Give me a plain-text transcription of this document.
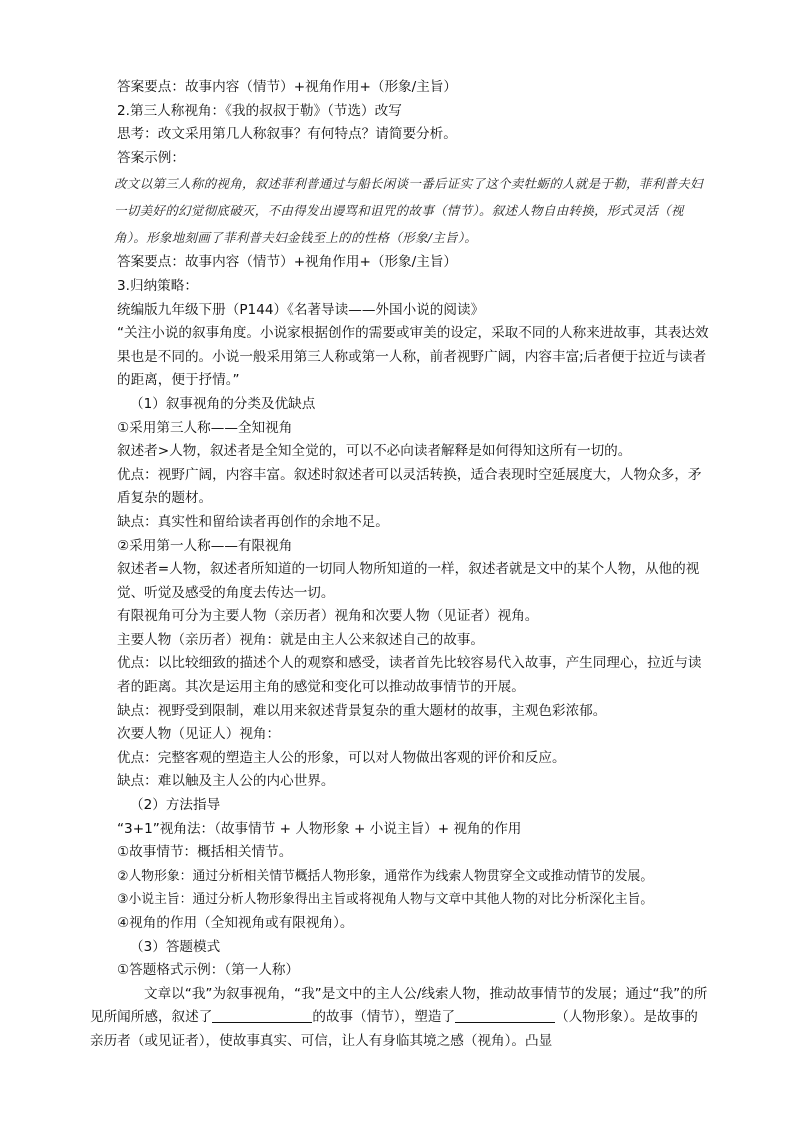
答案要点：故事内容（情节）+视角作用+（形象/主旨）
2.第三人称视角：《我的叔叔于勒》（节选）改写
思考：改文采用第几人称叙事？有何特点？请简要分析。
答案示例：
改文以第三人称的视角，叙述菲利普通过与船长闲谈一番后证实了这个卖牡蛎的人就是于勒，菲利普夫妇一切美好的幻觉彻底破灭，不由得发出谩骂和诅咒的故事（情节）。叙述人物自由转换，形式灵活（视角）。形象地刻画了菲利普夫妇金钱至上的的性格（形象/主旨）。
答案要点：故事内容（情节）+视角作用+（形象/主旨）
3.归纳策略：
统编版九年级下册（P144）《名著导读——外国小说的阅读》
“关注小说的叙事角度。小说家根据创作的需要或审美的设定，采取不同的人称来进故事，其表达效果也是不同的。小说一般采用第三人称或第一人称，前者视野广阔，内容丰富;后者便于拉近与读者的距离，便于抒情。”
（1）叙事视角的分类及优缺点
①采用第三人称——全知视角
叙述者>人物，叙述者是全知全觉的，可以不必向读者解释是如何得知这所有一切的。
优点：视野广阔，内容丰富。叙述时叙述者可以灵活转换，适合表现时空延展度大，人物众多，矛盾复杂的题材。
缺点：真实性和留给读者再创作的余地不足。
②采用第一人称——有限视角
叙述者=人物，叙述者所知道的一切同人物所知道的一样，叙述者就是文中的某个人物，从他的视觉、听觉及感受的角度去传达一切。
有限视角可分为主要人物（亲历者）视角和次要人物（见证者）视角。
主要人物（亲历者）视角：就是由主人公来叙述自己的故事。
优点：以比较细致的描述个人的观察和感受，读者首先比较容易代入故事，产生同理心，拉近与读者的距离。其次是运用主角的感觉和变化可以推动故事情节的开展。
缺点：视野受到限制，难以用来叙述背景复杂的重大题材的故事，主观色彩浓郁。
次要人物（见证人）视角：
优点：完整客观的塑造主人公的形象，可以对人物做出客观的评价和反应。
缺点：难以触及主人公的内心世界。
（2）方法指导
“3+1”视角法：（故事情节 + 人物形象 + 小说主旨）+ 视角的作用
①故事情节：概括相关情节。
②人物形象：通过分析相关情节概括人物形象，通常作为线索人物贯穿全文或推动情节的发展。
③小说主旨：通过分析人物形象得出主旨或将视角人物与文章中其他人物的对比分析深化主旨。
④视角的作用（全知视角或有限视角）。
（3）答题模式
①答题格式示例：（第一人称）
文章以“我”为叙事视角，“我”是文中的主人公/线索人物，推动故事情节的发展；通过“我”的所见所闻所感，叙述了	的故事（情节），塑造了	（人物形象）。是故事的亲历者（或见证者），使故事真实、可信，让人有身临其境之感（视角）。凸显
